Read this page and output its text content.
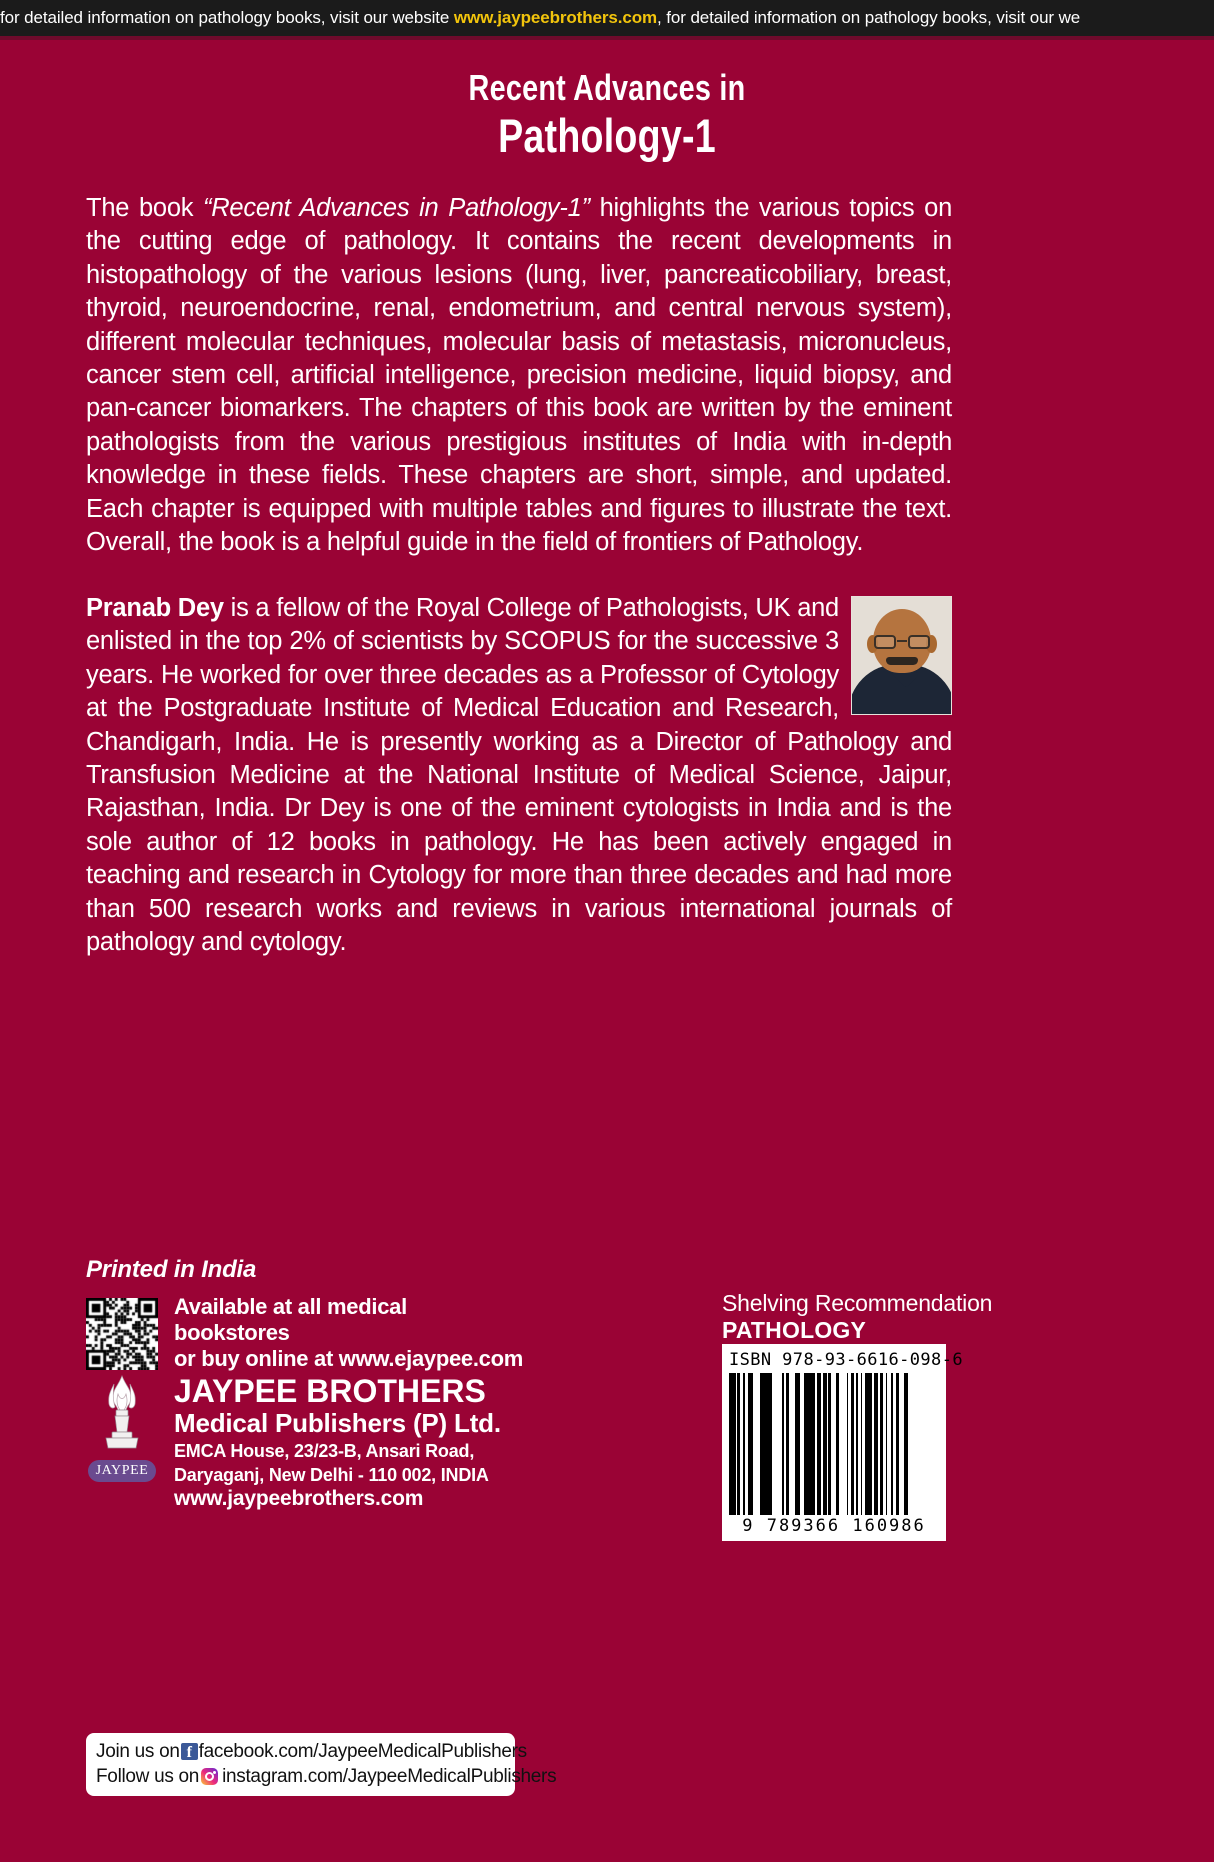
for detailed information on pathology books, visit our website www.jaypeebrothers.com, for detailed information on pathology books, visit our we
Recent Advances in
Pathology-1
The book “Recent Advances in Pathology-1” highlights the various topics on the cutting edge of pathology. It contains the recent developments in histopathology of the various lesions (lung, liver, pancreaticobiliary, breast, thyroid, neuroendocrine, renal, endometrium, and central nervous system), different molecular techniques, molecular basis of metastasis, micronucleus, cancer stem cell, artificial intelligence, precision medicine, liquid biopsy, and pan-cancer biomarkers. The chapters of this book are written by the eminent pathologists from the various prestigious institutes of India with in-depth knowledge in these fields. These chapters are short, simple, and updated. Each chapter is equipped with multiple tables and figures to illustrate the text. Overall, the book is a helpful guide in the field of frontiers of Pathology.
Pranab Dey is a fellow of the Royal College of Pathologists, UK and enlisted in the top 2% of scientists by SCOPUS for the successive 3 years. He worked for over three decades as a Professor of Cytology at the Postgraduate Institute of Medical Education and Research, Chandigarh, India. He is presently working as a Director of Pathology and Transfusion Medicine at the National Institute of Medical Science, Jaipur, Rajasthan, India. Dr Dey is one of the eminent cytologists in India and is the sole author of 12 books in pathology. He has been actively engaged in teaching and research in Cytology for more than three decades and had more than 500 research works and reviews in various international journals of pathology and cytology.
Printed in India
Available at all medical bookstores
or buy online at www.ejaypee.com
JAYPEE
JAYPEE BROTHERS
Medical Publishers (P) Ltd.
EMCA House, 23/23-B, Ansari Road,
Daryaganj, New Delhi - 110 002, INDIA
www.jaypeebrothers.com
Join us on f facebook.com/JaypeeMedicalPublishers
Follow us on instagram.com/JaypeeMedicalPublishers
Shelving Recommendation
PATHOLOGY
ISBN 978-93-6616-098-6
9 789366 160986
